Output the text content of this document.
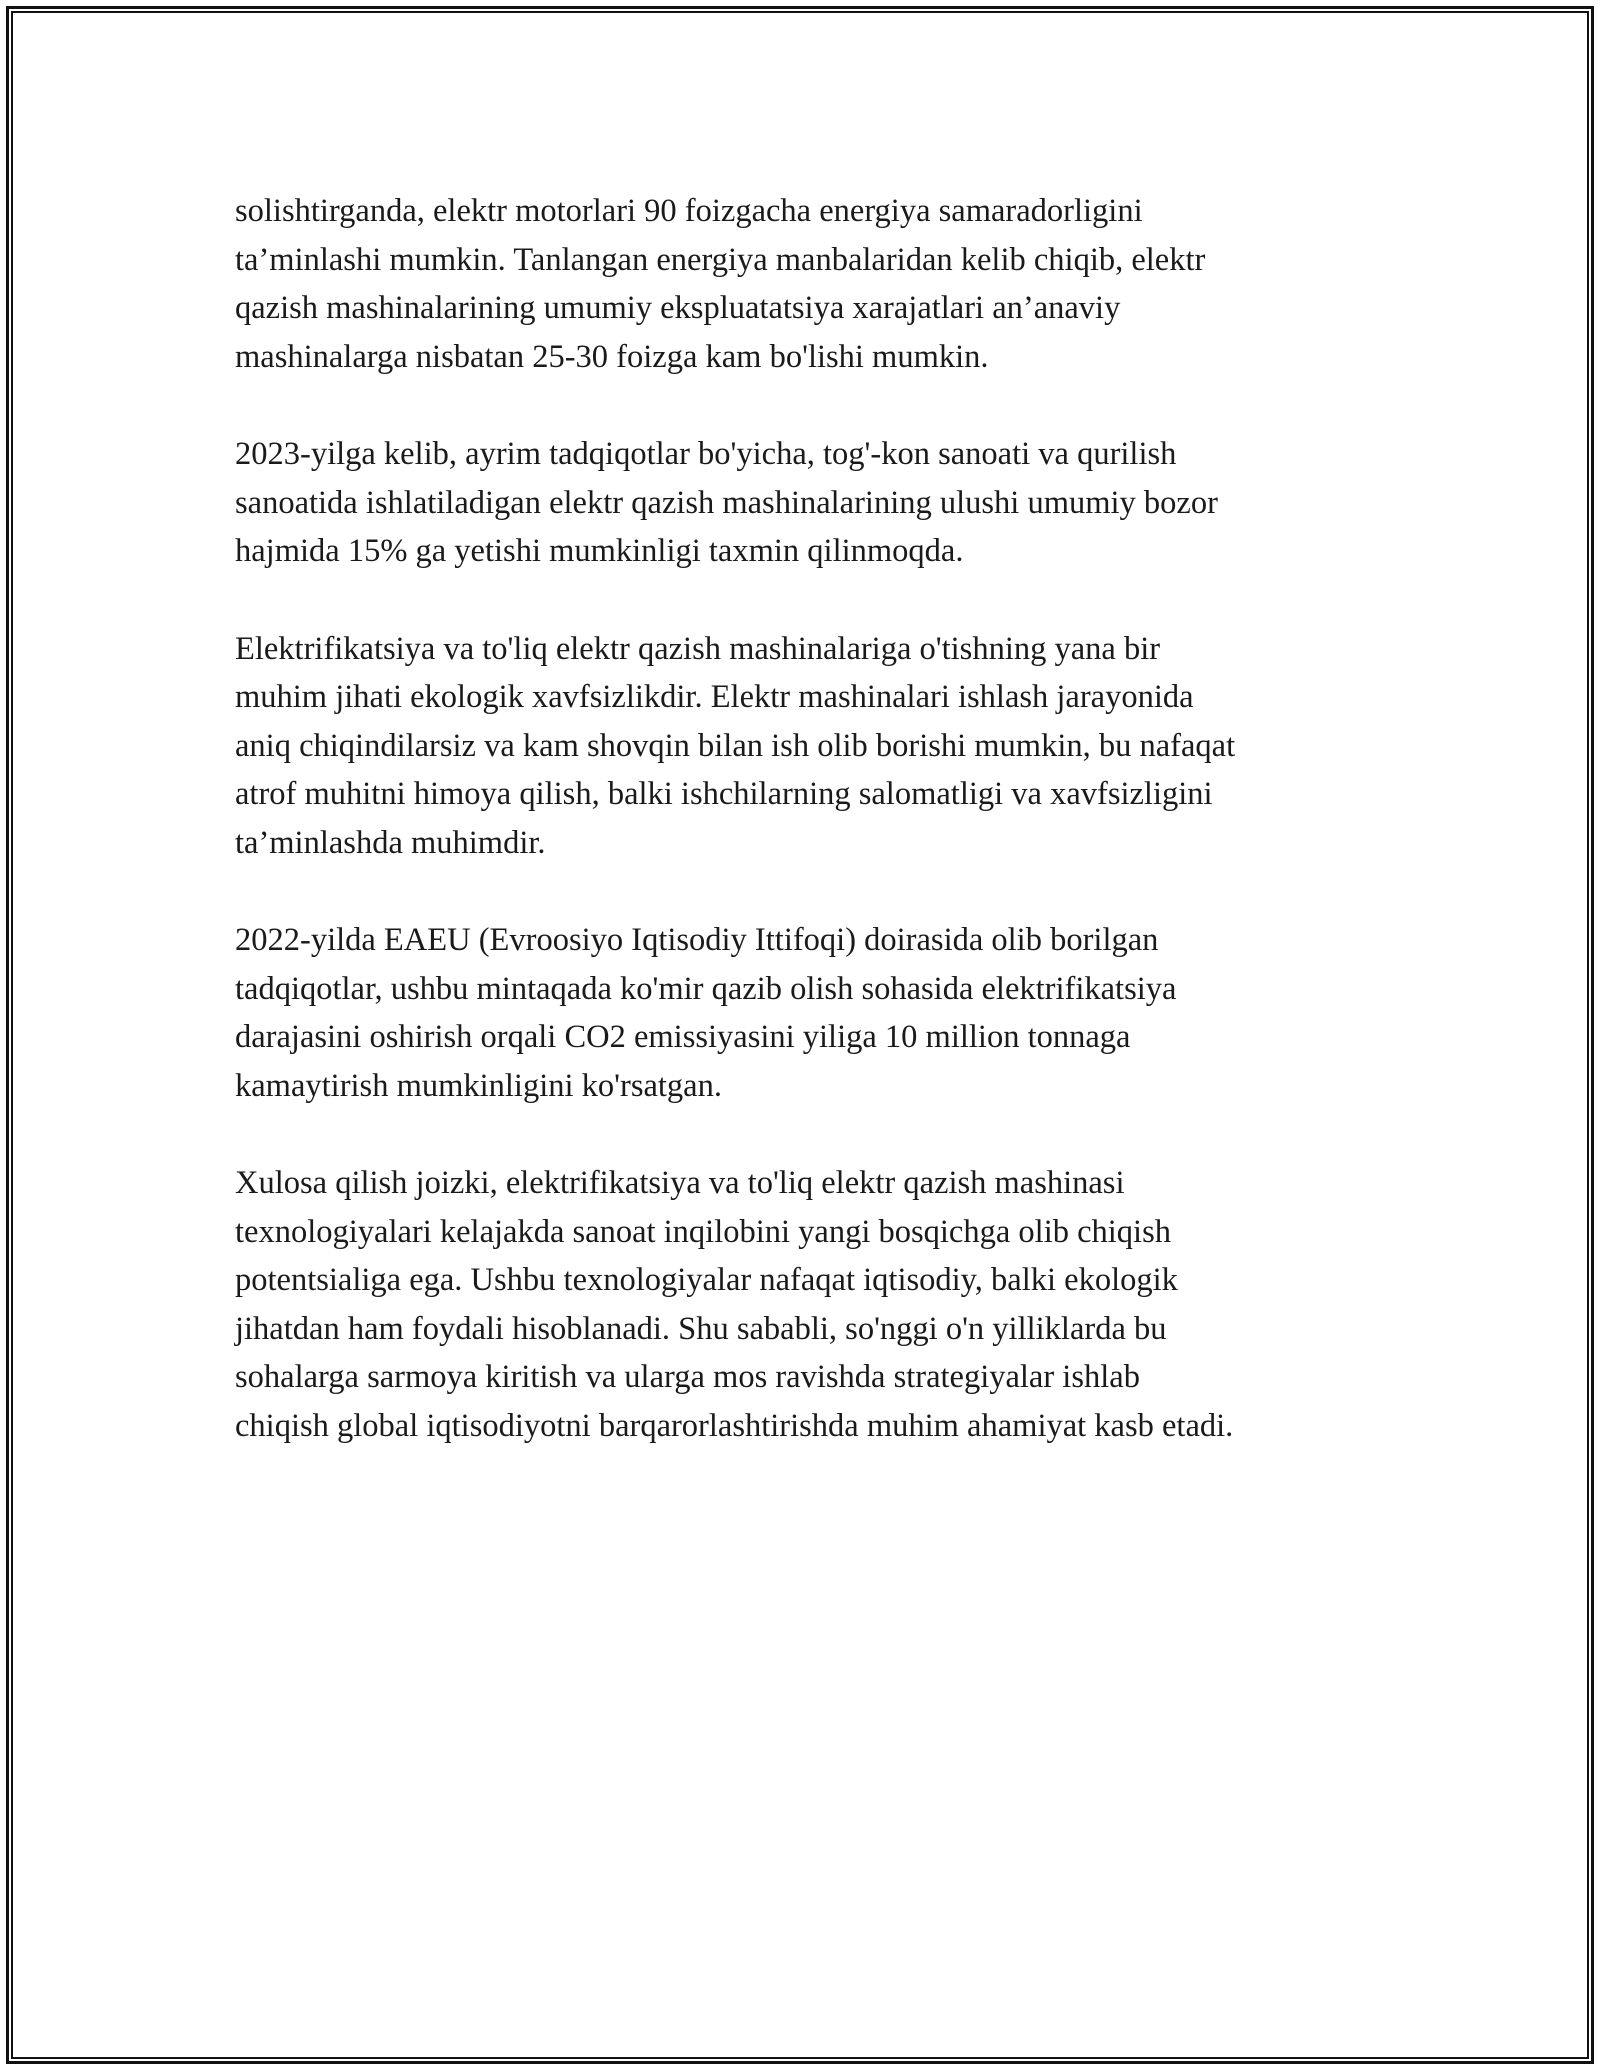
solishtirganda, elektr motorlari 90 foizgacha energiya samaradorligini
ta’minlashi mumkin. Tanlangan energiya manbalaridan kelib chiqib, elektr
qazish mashinalarining umumiy ekspluatatsiya xarajatlari an’anaviy
mashinalarga nisbatan 25-30 foizga kam bo'lishi mumkin.

2023-yilga kelib, ayrim tadqiqotlar bo'yicha, tog'-kon sanoati va qurilish
sanoatida ishlatiladigan elektr qazish mashinalarining ulushi umumiy bozor
hajmida 15% ga yetishi mumkinligi taxmin qilinmoqda.

Elektrifikatsiya va to'liq elektr qazish mashinalariga o'tishning yana bir
muhim jihati ekologik xavfsizlikdir. Elektr mashinalari ishlash jarayonida
aniq chiqindilarsiz va kam shovqin bilan ish olib borishi mumkin, bu nafaqat
atrof muhitni himoya qilish, balki ishchilarning salomatligi va xavfsizligini
ta’minlashda muhimdir.

2022-yilda EAEU (Evroosiyo Iqtisodiy Ittifoqi) doirasida olib borilgan
tadqiqotlar, ushbu mintaqada ko'mir qazib olish sohasida elektrifikatsiya
darajasini oshirish orqali CO2 emissiyasini yiliga 10 million tonnaga
kamaytirish mumkinligini ko'rsatgan.

Xulosa qilish joizki, elektrifikatsiya va to'liq elektr qazish mashinasi
texnologiyalari kelajakda sanoat inqilobini yangi bosqichga olib chiqish
potentsialiga ega. Ushbu texnologiyalar nafaqat iqtisodiy, balki ekologik
jihatdan ham foydali hisoblanadi. Shu sababli, so'nggi o'n yilliklarda bu
sohalarga sarmoya kiritish va ularga mos ravishda strategiyalar ishlab
chiqish global iqtisodiyotni barqarorlashtirishda muhim ahamiyat kasb etadi.
